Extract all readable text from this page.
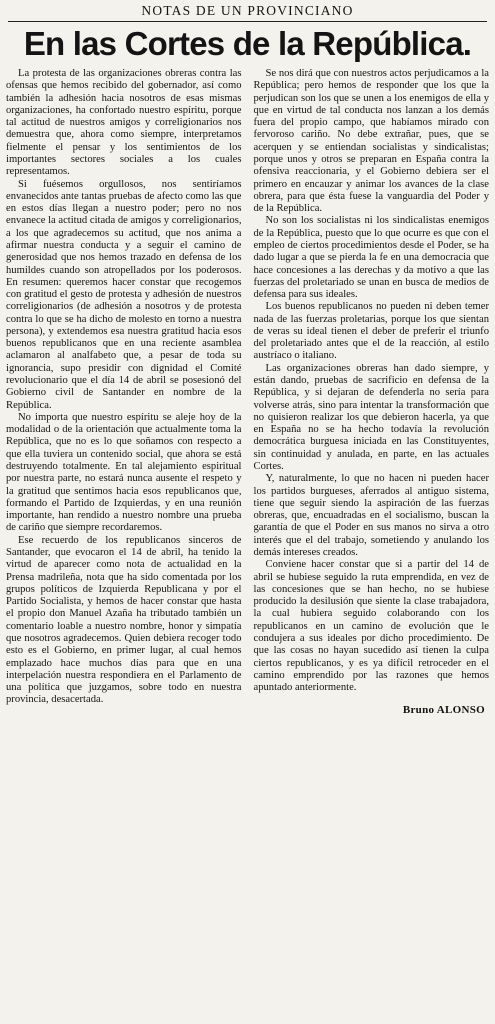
NOTAS DE UN PROVINCIANO
En las Cortes de la República.

La protesta de las organizaciones obreras contra las ofensas que hemos recibido del gobernador, así como también la adhesión hacia nosotros de esas mismas organizaciones, ha confortado nuestro espíritu, porque tal actitud de nuestros amigos y correligionarios nos demuestra que, ahora como siempre, interpretamos fielmente el pensar y los sentimientos de los importantes sectores sociales a los cuales representamos.

Si fuésemos orgullosos, nos sentiríamos envanecidos ante tantas pruebas de afecto como las que en estos días llegan a nuestro poder; pero no nos envanece la actitud citada de amigos y correligionarios, a los que agradecemos su actitud, que nos anima a afirmar nuestra conducta y a seguir el camino de generosidad que nos hemos trazado en defensa de los humildes cuando son atropellados por los poderosos. En resumen: queremos hacer constar que recogemos con gratitud el gesto de protesta y adhesión de nuestros correligionarios (de adhesión a nosotros y de protesta contra lo que se ha dicho de molesto en torno a nuestra persona), y extendemos esa nuestra gratitud hacia esos buenos republicanos que en una reciente asamblea aclamaron al analfabeto que, a pesar de toda su ignorancia, supo presidir con dignidad el Comité revolucionario que el día 14 de abril se posesionó del Gobierno civil de Santander en nombre de la República.

No importa que nuestro espíritu se aleje hoy de la modalidad o de la orientación que actualmente toma la República, que no es lo que soñamos con respecto a que ella tuviera un contenido social, que ahora se está destruyendo totalmente. En tal alejamiento espiritual por nuestra parte, no estará nunca ausente el respeto y la gratitud que sentimos hacia esos republicanos que, formando el Partido de Izquierdas, y en una reunión importante, han rendido a nuestro nombre una prueba de cariño que siempre recordaremos.

Ese recuerdo de los republicanos sinceros de Santander, que evocaron el 14 de abril, ha tenido la virtud de aparecer como nota de actualidad en la Prensa madrileña, nota que ha sido comentada por los grupos políticos de Izquierda Republicana y por el Partido Socialista, y hemos de hacer constar que hasta el propio don Manuel Azaña ha tributado también un comentario loable a nuestro nombre, honor y simpatía que nosotros agradecemos. Quien debiera recoger todo esto es el Gobierno, en primer lugar, al cual hemos emplazado hace muchos días para que en una interpelación nuestra respondiera en el Parlamento de una política que juzgamos, sobre todo en nuestra provincia, desacertada.

Se nos dirá que con nuestros actos perjudicamos a la República; pero hemos de responder que los que la perjudican son los que se unen a los enemigos de ella y que en virtud de tal conducta nos lanzan a los demás fuera del propio campo, que habíamos mirado con fervoroso cariño. No debe extrañar, pues, que se acerquen y se entiendan socialistas y sindicalistas; porque unos y otros se preparan en España contra la ofensiva reaccionaria, y el Gobierno debiera ser el primero en encauzar y animar los avances de la clase obrera, para que ésta fuese la vanguardia del Poder y de la República.

No son los socialistas ni los sindicalistas enemigos de la República, puesto que lo que ocurre es que con el empleo de ciertos procedimientos desde el Poder, se ha dado lugar a que se pierda la fe en una democracia que hace concesiones a las derechas y da motivo a que las fuerzas del proletariado se unan en busca de medios de defensa para sus ideales.

Los buenos republicanos no pueden ni deben temer nada de las fuerzas proletarias, porque los que sientan de veras su ideal tienen el deber de preferir el triunfo del proletariado antes que el de la reacción, al estilo austríaco o italiano.

Las organizaciones obreras han dado siempre, y están dando, pruebas de sacrificio en defensa de la República, y si dejaran de defenderla no sería para volverse atrás, sino para intentar la transformación que no quisieron realizar los que debieron hacerla, ya que en España no se ha hecho todavía la revolución democrática burguesa iniciada en las Constituyentes, sin continuidad y anulada, en parte, en las actuales Cortes.

Y, naturalmente, lo que no hacen ni pueden hacer los partidos burgueses, aferrados al antiguo sistema, tiene que seguir siendo la aspiración de las fuerzas obreras, que, encuadradas en el socialismo, buscan la garantía de que el Poder en sus manos no sirva a otro interés que el del trabajo, sometiendo y anulando los demás intereses creados.

Conviene hacer constar que si a partir del 14 de abril se hubiese seguido la ruta emprendida, en vez de las concesiones que se han hecho, no se hubiese producido la desilusión que siente la clase trabajadora, la cual hubiera seguido colaborando con los republicanos en un camino de evolución que le condujera a sus ideales por dicho procedimiento. De que las cosas no hayan sucedido así tienen la culpa ciertos republicanos, y es ya difícil retroceder en el camino emprendido por las razones que hemos apuntado anteriormente.

Bruno ALONSO
